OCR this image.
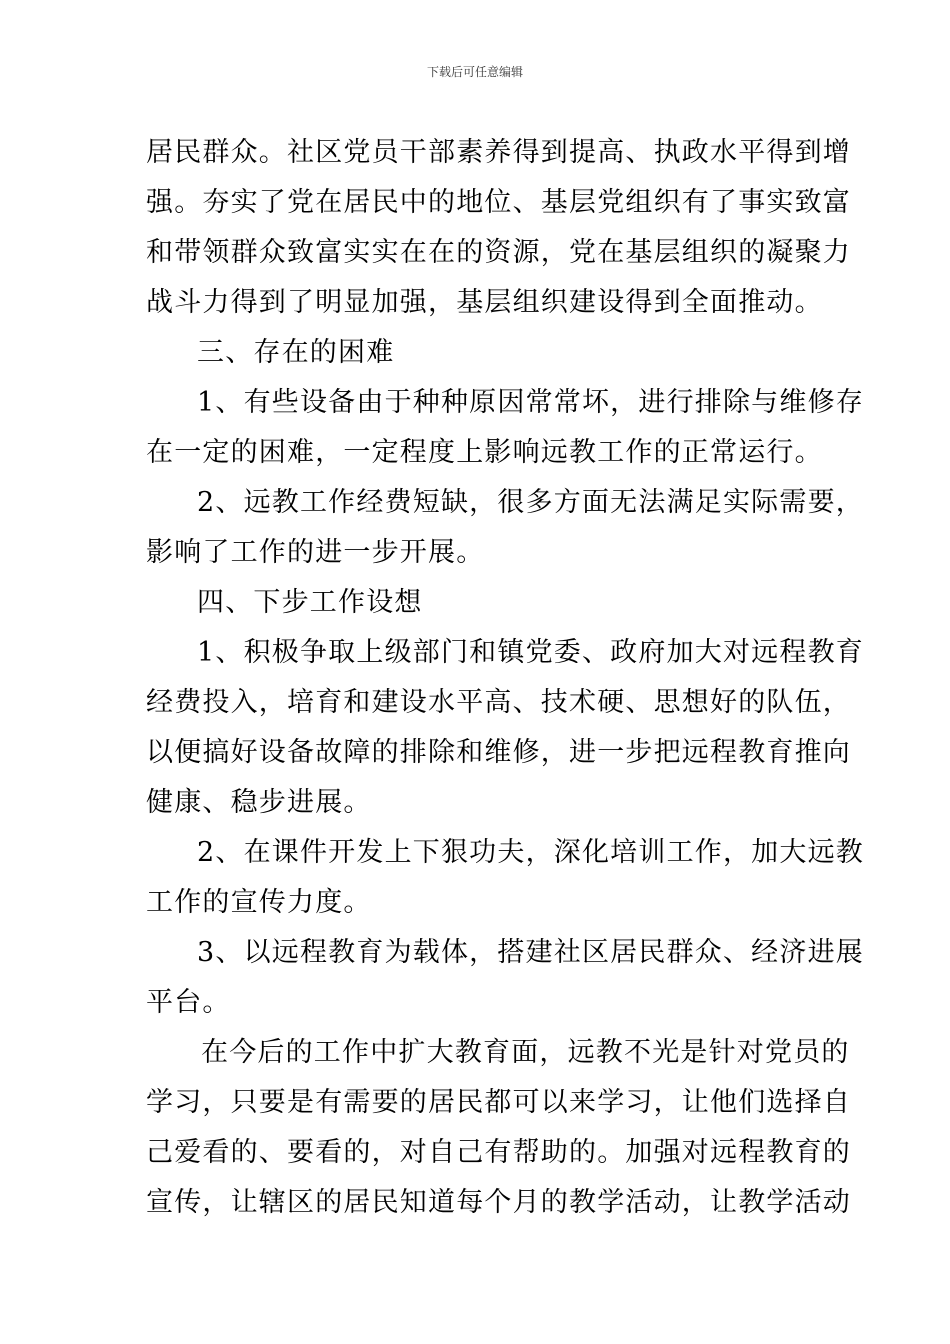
下载后可任意编辑

居民群众。社区党员干部素养得到提高、执政水平得到增
强。夯实了党在居民中的地位、基层党组织有了事实致富
和带领群众致富实实在在的资源，党在基层组织的凝聚力
战斗力得到了明显加强，基层组织建设得到全面推动。

三、存在的困难

1、有些设备由于种种原因常常坏，进行排除与维修存
在一定的困难，一定程度上影响远教工作的正常运行。

2、远教工作经费短缺，很多方面无法满足实际需要，
影响了工作的进一步开展。

四、下步工作设想

1、积极争取上级部门和镇党委、政府加大对远程教育
经费投入，培育和建设水平高、技术硬、思想好的队伍，
以便搞好设备故障的排除和维修，进一步把远程教育推向
健康、稳步进展。

2、在课件开发上下狠功夫，深化培训工作，加大远教
工作的宣传力度。

3、以远程教育为载体，搭建社区居民群众、经济进展
平台。

在今后的工作中扩大教育面，远教不光是针对党员的
学习，只要是有需要的居民都可以来学习，让他们选择自
己爱看的、要看的，对自己有帮助的。加强对远程教育的
宣传，让辖区的居民知道每个月的教学活动，让教学活动
